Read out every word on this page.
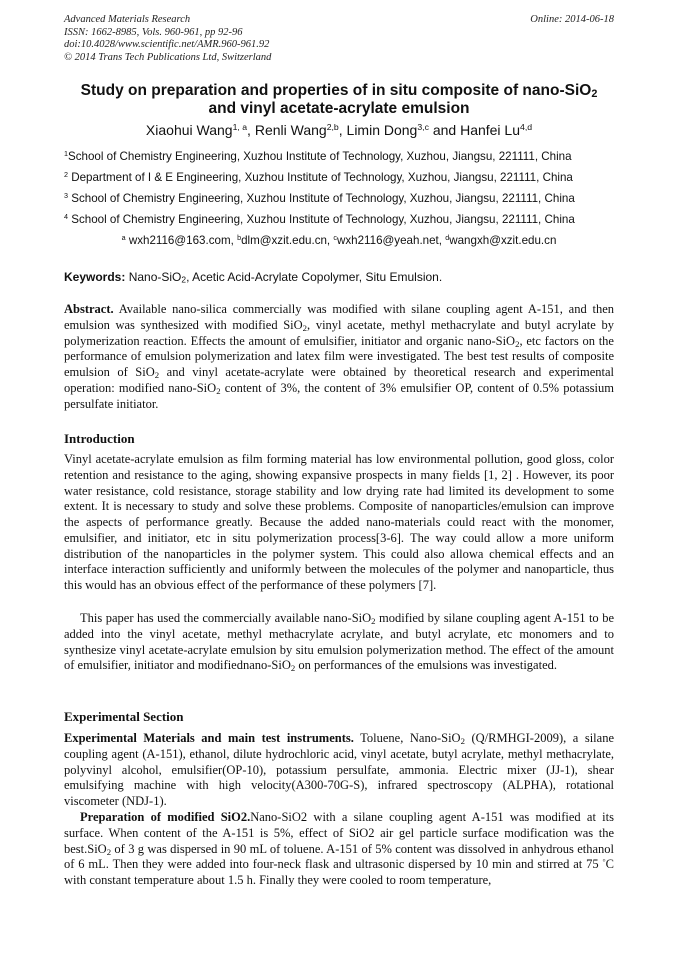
Advanced Materials Research
ISSN: 1662-8985, Vols. 960-961, pp 92-96
doi:10.4028/www.scientific.net/AMR.960-961.92
© 2014 Trans Tech Publications Ltd, Switzerland
Online: 2014-06-18
Study on preparation and properties of in situ composite of nano-SiO$_2$
and vinyl acetate-acrylate emulsion
Xiaohui Wang$^{1, a}$, Renli Wang$^{2,b}$, Limin Dong$^{3,c}$ and Hanfei Lu$^{4,d}$
$^1$School of Chemistry Engineering, Xuzhou Institute of Technology, Xuzhou, Jiangsu, 221111, China
$^2$ Department of I & E Engineering, Xuzhou Institute of Technology, Xuzhou, Jiangsu, 221111, China
$^3$ School of Chemistry Engineering, Xuzhou Institute of Technology, Xuzhou, Jiangsu, 221111, China
$^4$ School of Chemistry Engineering, Xuzhou Institute of Technology, Xuzhou, Jiangsu, 221111, China
$^a$ wxh2116@163.com, $^b$dlm@xzit.edu.cn, $^c$wxh2116@yeah.net, $^d$wangxh@xzit.edu.cn
Keywords: Nano-SiO$_2$, Acetic Acid-Acrylate Copolymer, Situ Emulsion.
Abstract. Available nano-silica commercially was modified with silane coupling agent A-151, and then emulsion was synthesized with modified SiO$_2$, vinyl acetate, methyl methacrylate and butyl acrylate by polymerization reaction. Effects the amount of emulsifier, initiator and organic nano-SiO$_2$, etc factors on the performance of emulsion polymerization and latex film were investigated. The best test results of composite emulsion of SiO$_2$ and vinyl acetate-acrylate were obtained by theoretical research and experimental operation: modified nano-SiO$_2$ content of 3%, the content of 3% emulsifier OP, content of 0.5% potassium persulfate initiator.
Introduction
Vinyl acetate-acrylate emulsion as film forming material has low environmental pollution, good gloss, color retention and resistance to the aging, showing expansive prospects in many fields [1, 2] . However, its poor water resistance, cold resistance, storage stability and low drying rate had limited its development to some extent. It is necessary to study and solve these problems. Composite of nanoparticles/emulsion can improve the aspects of performance greatly. Because the added nano-materials could react with the monomer, emulsifier, and initiator, etc in situ polymerization process[3-6]. The way could allow a more uniform distribution of the nanoparticles in the polymer system. This could also allowa chemical effects and an interface interaction sufficiently and uniformly between the molecules of the polymer and nanoparticle, thus this would has an obvious effect of the performance of these polymers [7].
This paper has used the commercially available nano-SiO$_2$ modified by silane coupling agent A-151 to be added into the vinyl acetate, methyl methacrylate acrylate, and butyl acrylate, etc monomers and to synthesize vinyl acetate-acrylate emulsion by situ emulsion polymerization method. The effect of the amount of emulsifier, initiator and modifiednano-SiO$_2$ on performances of the emulsions was investigated.
Experimental Section
Experimental Materials and main test instruments. Toluene, Nano-SiO$_2$ (Q/RMHGI-2009), a silane coupling agent (A-151), ethanol, dilute hydrochloric acid, vinyl acetate, butyl acrylate, methyl methacrylate, polyvinyl alcohol, emulsifier(OP-10), potassium persulfate, ammonia. Electric mixer (JJ-1), shear emulsifying machine with high velocity(A300-70G-S), infrared spectroscopy (ALPHA), rotational viscometer (NDJ-1).
Preparation of modified SiO2.Nano-SiO2 with a silane coupling agent A-151 was modified at its surface. When content of the A-151 is 5%, effect of SiO2 air gel particle surface modification was the best.SiO$_2$ of 3 g was dispersed in 90 mL of toluene. A-151 of 5% content was dissolved in anhydrous ethanol of 6 mL. Then they were added into four-neck flask and ultrasonic dispersed by 10 min and stirred at 75 °C with constant temperature about 1.5 h. Finally they were cooled to room temperature,
